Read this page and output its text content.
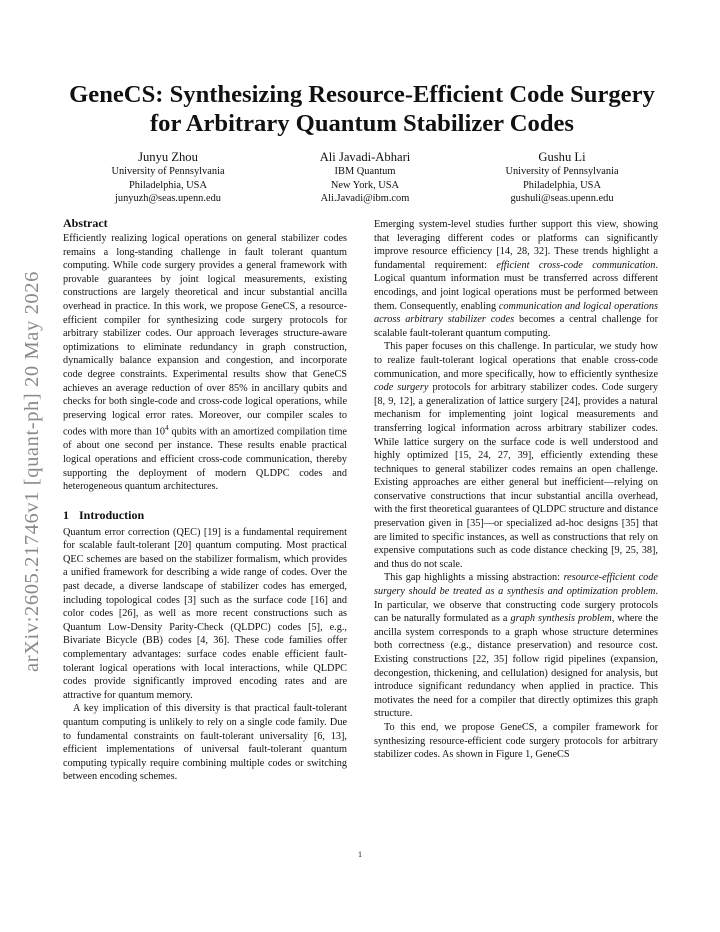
arXiv:2605.21746v1 [quant-ph] 20 May 2026
GeneCS: Synthesizing Resource-Efficient Code Surgery for Arbitrary Quantum Stabilizer Codes
Junyu Zhou
University of Pennsylvania
Philadelphia, USA
junyuzh@seas.upenn.edu
Ali Javadi-Abhari
IBM Quantum
New York, USA
Ali.Javadi@ibm.com
Gushu Li
University of Pennsylvania
Philadelphia, USA
gushuli@seas.upenn.edu
Abstract

Efficiently realizing logical operations on general stabilizer codes remains a long-standing challenge in fault tolerant quantum computing. While code surgery provides a general framework with provable guarantees by joint logical measurements, existing constructions are largely theoretical and incur substantial ancilla overhead in practice. In this work, we propose GeneCS, a resource-efficient compiler for synthesizing code surgery protocols for arbitrary stabilizer codes. Our approach leverages structure-aware optimizations to eliminate redundancy in graph construction, dynamically balance expansion and congestion, and incorporate code degree constraints. Experimental results show that GeneCS achieves an average reduction of over 85% in ancillary qubits and checks for both single-code and cross-code logical operations, while preserving logical error rates. Moreover, our compiler scales to codes with more than $10^4$ qubits with an amortized compilation time of about one second per instance. These results enable practical logical operations and efficient cross-code communication, thereby supporting the deployment of modern QLDPC codes and heterogeneous quantum architectures.

1 Introduction

Quantum error correction (QEC) [19] is a fundamental requirement for scalable fault-tolerant [20] quantum computing. Most practical QEC schemes are based on the stabilizer formalism, which provides a unified framework for describing a wide range of codes. Over the past decade, a diverse landscape of stabilizer codes has emerged, including topological codes [3] such as the surface code [16] and color codes [26], as well as more recent constructions such as Quantum Low-Density Parity-Check (QLDPC) codes [5], e.g., Bivariate Bicycle (BB) codes [4, 36]. These code families offer complementary advantages: surface codes enable efficient fault-tolerant logical operations with local interactions, while QLDPC codes provide significantly improved encoding rates and are attractive for quantum memory.

A key implication of this diversity is that practical fault-tolerant quantum computing is unlikely to rely on a single code family. Due to fundamental constraints on fault-tolerant universality [6, 13], efficient implementations of universal fault-tolerant quantum computing typically require combining multiple codes or switching between encoding schemes.

Emerging system-level studies further support this view, showing that leveraging different codes or platforms can significantly improve resource efficiency [14, 28, 32]. These trends highlight a fundamental requirement: efficient cross-code communication. Logical quantum information must be transferred across different encodings, and joint logical operations must be performed between them. Consequently, enabling communication and logical operations across arbitrary stabilizer codes becomes a central challenge for scalable fault-tolerant quantum computing.

This paper focuses on this challenge. In particular, we study how to realize fault-tolerant logical operations that enable cross-code communication, and more specifically, how to efficiently synthesize code surgery protocols for arbitrary stabilizer codes. Code surgery [8, 9, 12], a generalization of lattice surgery [24], provides a natural mechanism for implementing joint logical measurements and transferring logical information across arbitrary stabilizer codes. While lattice surgery on the surface code is well understood and highly optimized [15, 24, 27, 39], efficiently extending these techniques to general stabilizer codes remains an open challenge. Existing approaches are either general but inefficient—relying on conservative constructions that incur substantial ancilla overhead, with the first theoretical guarantees of QLDPC structure and distance preservation given in [35]—or specialized ad-hoc designs [35] that are limited to specific instances, as well as constructions that rely on expensive computations such as code distance checking [9, 25, 38], and thus do not scale.

This gap highlights a missing abstraction: resource-efficient code surgery should be treated as a synthesis and optimization problem. In particular, we observe that constructing code surgery protocols can be naturally formulated as a graph synthesis problem, where the ancilla system corresponds to a graph whose structure determines both correctness (e.g., distance preservation) and resource cost. Existing constructions [22, 35] follow rigid pipelines (expansion, decongestion, thickening, and cellulation) designed for analysis, but introduce significant redundancy when applied in practice. This motivates the need for a compiler that directly optimizes this graph structure.

To this end, we propose GeneCS, a compiler framework for synthesizing resource-efficient code surgery protocols for arbitrary stabilizer codes. As shown in Figure 1, GeneCS

1
